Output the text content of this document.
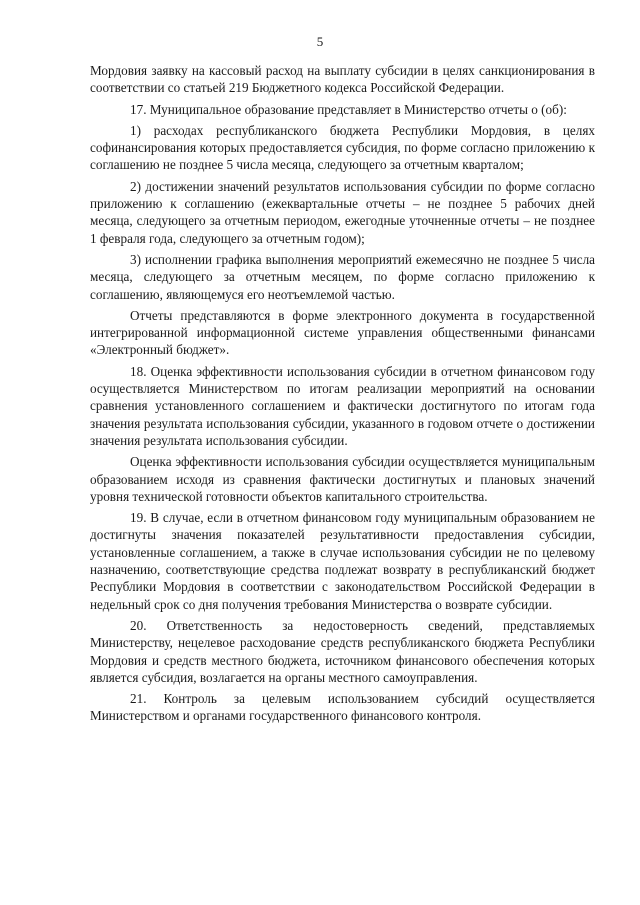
5

Мордовия заявку на кассовый расход на выплату субсидии в целях санкционирования в соответствии со статьей 219 Бюджетного кодекса Российской Федерации.

17. Муниципальное образование представляет в Министерство отчеты о (об):

1) расходах республиканского бюджета Республики Мордовия, в целях софинансирования которых предоставляется субсидия, по форме согласно приложению к соглашению не позднее 5 числа месяца, следующего за отчетным кварталом;

2) достижении значений результатов использования субсидии по форме согласно приложению к соглашению (ежеквартальные отчеты – не позднее 5 рабочих дней месяца, следующего за отчетным периодом, ежегодные уточненные отчеты – не позднее 1 февраля года, следующего за отчетным годом);

3) исполнении графика выполнения мероприятий ежемесячно не позднее 5 числа месяца, следующего за отчетным месяцем, по форме согласно приложению к соглашению, являющемуся его неотъемлемой частью.

Отчеты представляются в форме электронного документа в государственной интегрированной информационной системе управления общественными финансами «Электронный бюджет».

18. Оценка эффективности использования субсидии в отчетном финансовом году осуществляется Министерством по итогам реализации мероприятий на основании сравнения установленного соглашением и фактически достигнутого по итогам года значения результата использования субсидии, указанного в годовом отчете о достижении значения результата использования субсидии.

Оценка эффективности использования субсидии осуществляется муниципальным образованием исходя из сравнения фактически достигнутых и плановых значений уровня технической готовности объектов капитального строительства.

19. В случае, если в отчетном финансовом году муниципальным образованием не достигнуты значения показателей результативности предоставления субсидии, установленные соглашением, а также в случае использования субсидии не по целевому назначению, соответствующие средства подлежат возврату в республиканский бюджет Республики Мордовия в соответствии с законодательством Российской Федерации в недельный срок со дня получения требования Министерства о возврате субсидии.

20. Ответственность за недостоверность сведений, представляемых Министерству, нецелевое расходование средств республиканского бюджета Республики Мордовия и средств местного бюджета, источником финансового обеспечения которых является субсидия, возлагается на органы местного самоуправления.

21. Контроль за целевым использованием субсидий осуществляется Министерством и органами государственного финансового контроля.
